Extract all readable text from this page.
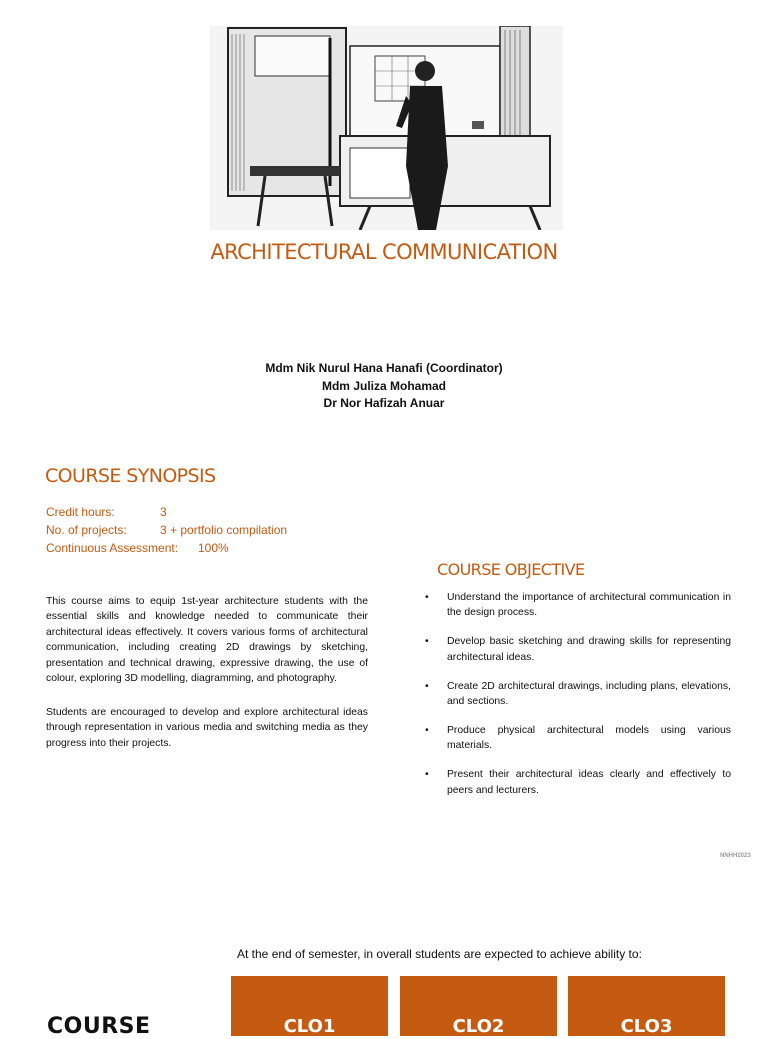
ARCHITECTURAL COMMUNICATION
Mdm Nik Nurul Hana Hanafi (Coordinator)
Mdm Juliza Mohamad
Dr Nor Hafizah Anuar
COURSE SYNOPSIS
Credit hours:	3
No. of projects:	3 + portfolio compilation
Continuous Assessment:	100%
This course aims to equip 1st-year architecture students with the essential skills and knowledge needed to communicate their architectural ideas effectively. It covers various forms of architectural communication, including creating 2D drawings by sketching, presentation and technical drawing, expressive drawing, the use of colour, exploring 3D modelling, diagramming, and photography.
Students are encouraged to develop and explore architectural ideas through representation in various media and switching media as they progress into their projects.
COURSE OBJECTIVE
• Understand the importance of architectural communication in the design process.
• Develop basic sketching and drawing skills for representing architectural ideas.
• Create 2D architectural drawings, including plans, elevations, and sections.
• Produce physical architectural models using various materials.
• Present their architectural ideas clearly and effectively to peers and lecturers.
NNHH2023
At the end of semester, in overall students are expected to achieve ability to:
CLO1	CLO2	CLO3
COURSE
